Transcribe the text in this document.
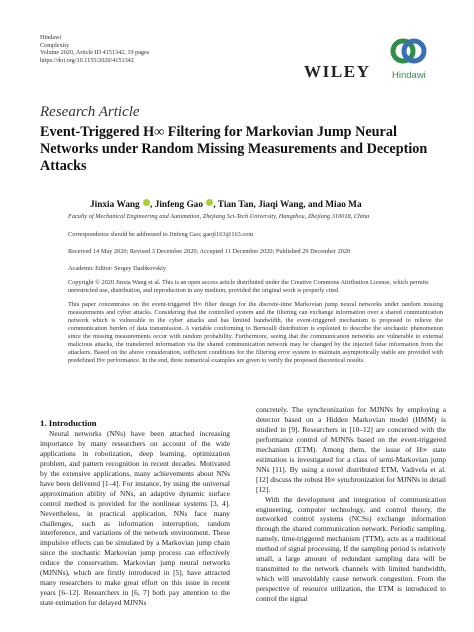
Hindawi
Complexity
Volume 2020, Article ID 4151342, 19 pages
https://doi.org/10.1155/2020/4151342
WILEY Hindawi
Research Article
Event-Triggered H∞ Filtering for Markovian Jump Neural Networks under Random Missing Measurements and Deception Attacks
Jinxia Wang , Jinfeng Gao , Tian Tan, Jiaqi Wang, and Miao Ma
Faculty of Mechanical Engineering and Automation, Zhejiang Sci-Tech University, Hangzhou, Zhejiang 310018, China
Correspondence should be addressed to Jinfeng Gao; gaojf163@163.com
Received 14 May 2020; Revised 3 December 2020; Accepted 11 December 2020; Published 29 December 2020
Academic Editor: Sergey Dashkovskiy
Copyright © 2020 Jinxia Wang et al. This is an open access article distributed under the Creative Commons Attribution License, which permits unrestricted use, distribution, and reproduction in any medium, provided the original work is properly cited.
This paper concentrates on the event-triggered H∞ filter design for the discrete-time Markovian jump neural networks under random missing measurements and cyber attacks. Considering that the controlled system and the filtering can exchange information over a shared communication network which is vulnerable to the cyber attacks and has limited bandwidth, the event-triggered mechanism is proposed to relieve the communication burden of data transmission. A variable conforming to Bernoulli distribution is exploited to describe the stochastic phenomenon since the missing measurements occur with random probability. Furthermore, seeing that the communication networks are vulnerable to external malicious attacks, the transferred information via the shared communication network may be changed by the injected false information from the attackers. Based on the above consideration, sufficient conditions for the filtering error system to maintain asymptotically stable are provided with predefined H∞ performance. In the end, three numerical examples are given to verify the proposed theoretical results.

1. Introduction

Neural networks (NNs) have been attached increasing importance by many researchers on account of the wide applications in robotization, deep learning, optimization problem, and pattern recognition in recent decades. Motivated by the extensive applications, many achievements about NNs have been delivered [1–4]. For instance, by using the universal approximation ability of NNs, an adaptive dynamic surface control method is provided for the nonlinear systems [3, 4]. Nevertheless, in practical application, NNs face many challenges, such as information interruption, random interference, and variations of the network environment. These impulsive effects can be simulated by a Markovian jump chain since the stochastic Markovian jump process can effectively reduce the conservatism. Markovian jump neural networks (MJNNs), which are firstly introduced in [5], have attracted many researchers to make great effort on this issue in recent years [6–12]. Researchers in [6, 7] both pay attention to the state estimation for delayed MJNNs

concretely. The synchronization for MJNNs by employing a detector based on a Hidden Markovian model (HMM) is studied in [9]. Researchers in [10–12] are concerned with the performance control of MJNNs based on the event-triggered mechanism (ETM). Among them, the issue of H∞ state estimation is investigated for a class of semi-Markovian jump NNs [11]. By using a novel distributed ETM, Vadivela et al. [12] discuss the robust H∞ synchronization for MJNNs in detail [12].

With the development and integration of communication engineering, computer technology, and control theory, the networked control systems (NCSs) exchange information through the shared communication network. Periodic sampling, namely, time-triggered mechanism (TTM), acts as a traditional method of signal processing. If the sampling period is relatively small, a large amount of redundant sampling data will be transmitted to the network channels with limited bandwidth, which will unavoidably cause network congestion. From the perspective of resource utilization, the ETM is introduced to control the signal
